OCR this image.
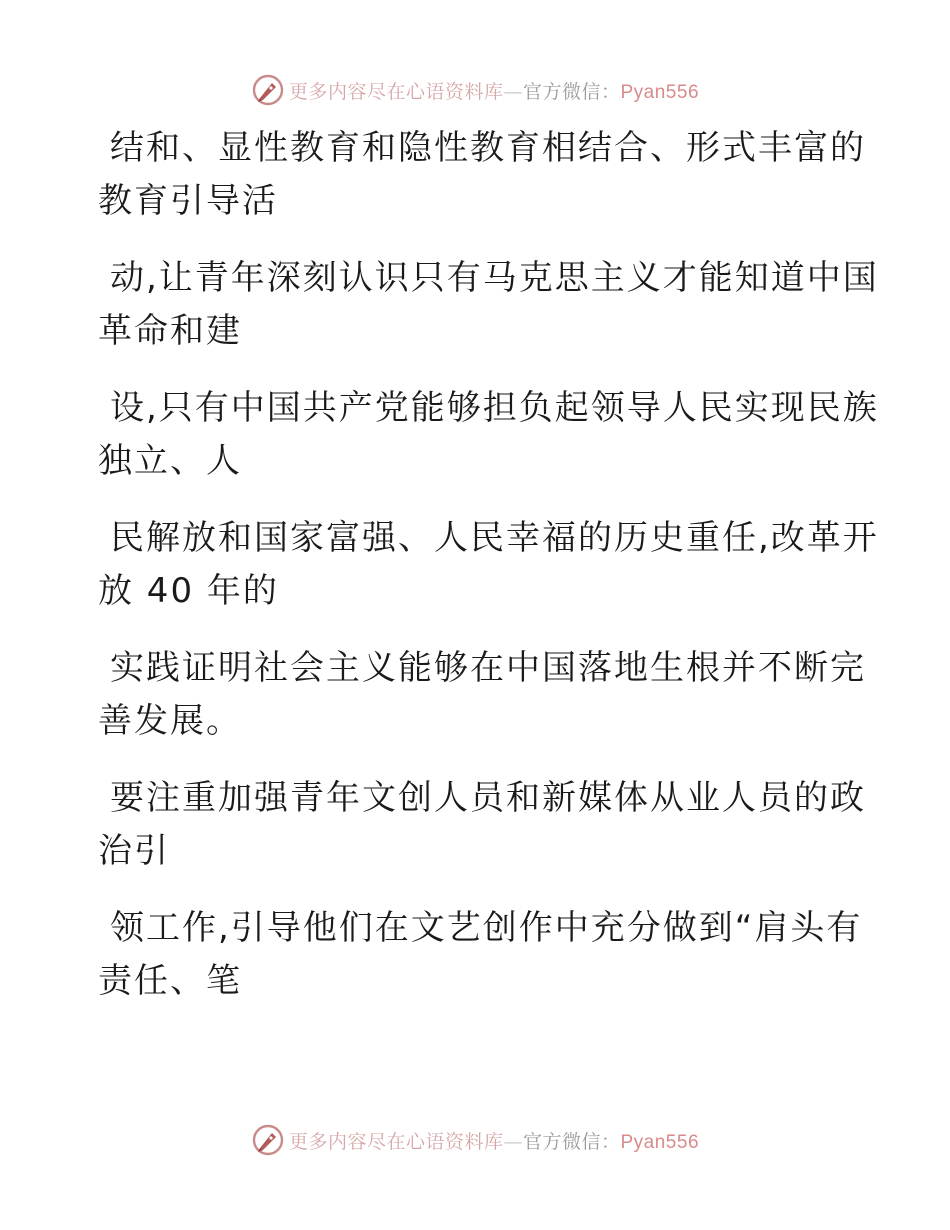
更多内容尽在心语资料库—官方微信：Pyan556

结和、显性教育和隐性教育相结合、形式丰富的
教育引导活

动,让青年深刻认识只有马克思主义才能知道中国
革命和建

设,只有中国共产党能够担负起领导人民实现民族
独立、人

民解放和国家富强、人民幸福的历史重任,改革开
放 40 年的

实践证明社会主义能够在中国落地生根并不断完
善发展。

要注重加强青年文创人员和新媒体从业人员的政
治引

领工作,引导他们在文艺创作中充分做到“肩头有
责任、笔

更多内容尽在心语资料库—官方微信：Pyan556
